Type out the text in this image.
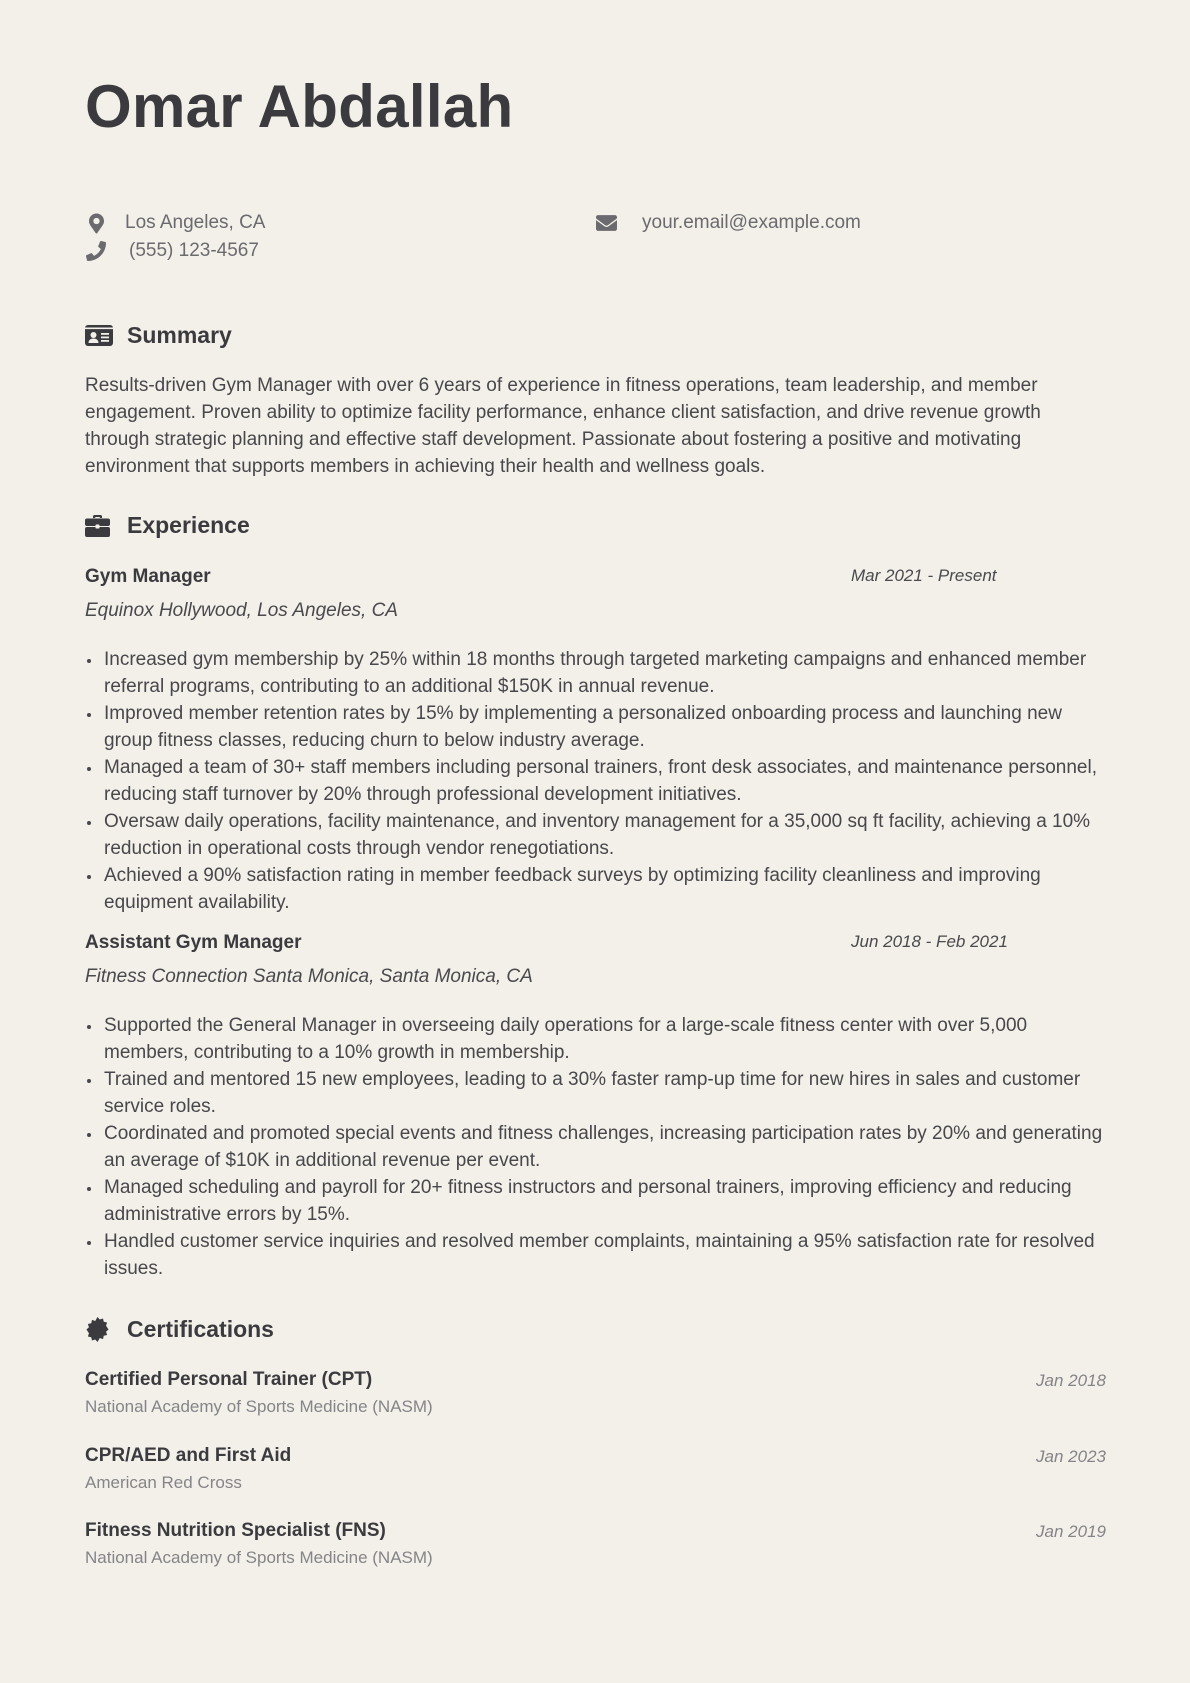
Omar Abdallah
Los Angeles, CA
(555) 123-4567
your.email@example.com
Summary

Results-driven Gym Manager with over 6 years of experience in fitness operations, team leadership, and member engagement. Proven ability to optimize facility performance, enhance client satisfaction, and drive revenue growth through strategic planning and effective staff development. Passionate about fostering a positive and motivating environment that supports members in achieving their health and wellness goals.

Experience
Gym Manager	Mar 2021 - Present
Equinox Hollywood, Los Angeles, CA
Increased gym membership by 25% within 18 months through targeted marketing campaigns and enhanced member referral programs, contributing to an additional $150K in annual revenue.
Improved member retention rates by 15% by implementing a personalized onboarding process and launching new group fitness classes, reducing churn to below industry average.
Managed a team of 30+ staff members including personal trainers, front desk associates, and maintenance personnel, reducing staff turnover by 20% through professional development initiatives.
Oversaw daily operations, facility maintenance, and inventory management for a 35,000 sq ft facility, achieving a 10% reduction in operational costs through vendor renegotiations.
Achieved a 90% satisfaction rating in member feedback surveys by optimizing facility cleanliness and improving equipment availability.
Assistant Gym Manager	Jun 2018 - Feb 2021
Fitness Connection Santa Monica, Santa Monica, CA
Supported the General Manager in overseeing daily operations for a large-scale fitness center with over 5,000 members, contributing to a 10% growth in membership.
Trained and mentored 15 new employees, leading to a 30% faster ramp-up time for new hires in sales and customer service roles.
Coordinated and promoted special events and fitness challenges, increasing participation rates by 20% and generating an average of $10K in additional revenue per event.
Managed scheduling and payroll for 20+ fitness instructors and personal trainers, improving efficiency and reducing administrative errors by 15%.
Handled customer service inquiries and resolved member complaints, maintaining a 95% satisfaction rate for resolved issues.
Certifications
Certified Personal Trainer (CPT)
National Academy of Sports Medicine (NASM)
Jan 2018
CPR/AED and First Aid
American Red Cross
Jan 2023
Fitness Nutrition Specialist (FNS)
National Academy of Sports Medicine (NASM)
Jan 2019
